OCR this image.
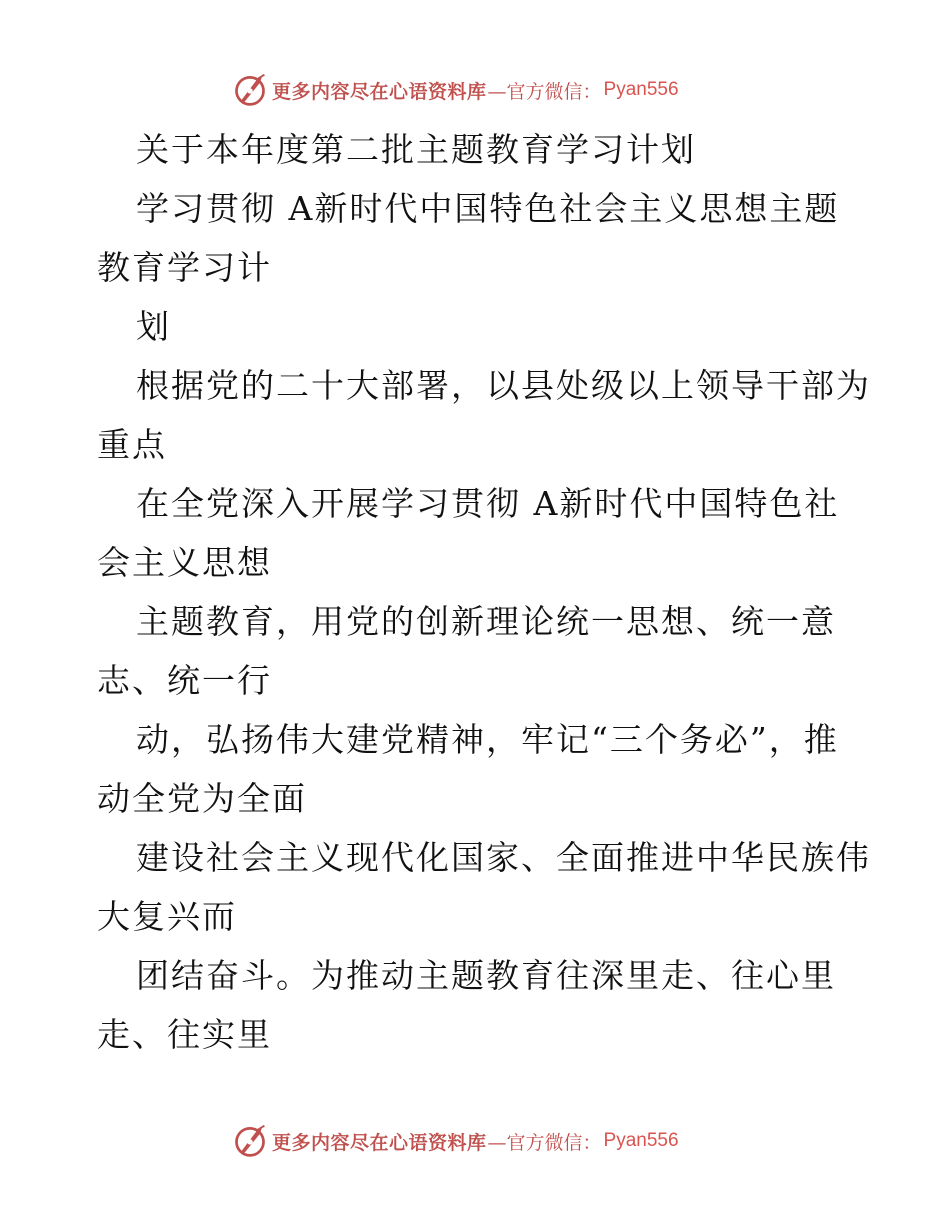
更多内容尽在心语资料库 —官方微信： Pyan556
关于本年度第二批主题教育学习计划
学习贯彻 A新时代中国特色社会主义思想主题
教育学习计
划
根据党的二十大部署，以县处级以上领导干部为
重点
在全党深入开展学习贯彻 A新时代中国特色社
会主义思想
主题教育，用党的创新理论统一思想、统一意
志、统一行
动，弘扬伟大建党精神，牢记“三个务必”，推
动全党为全面
建设社会主义现代化国家、全面推进中华民族伟
大复兴而
团结奋斗。为推动主题教育往深里走、往心里
走、往实里
更多内容尽在心语资料库 —官方微信： Pyan556
